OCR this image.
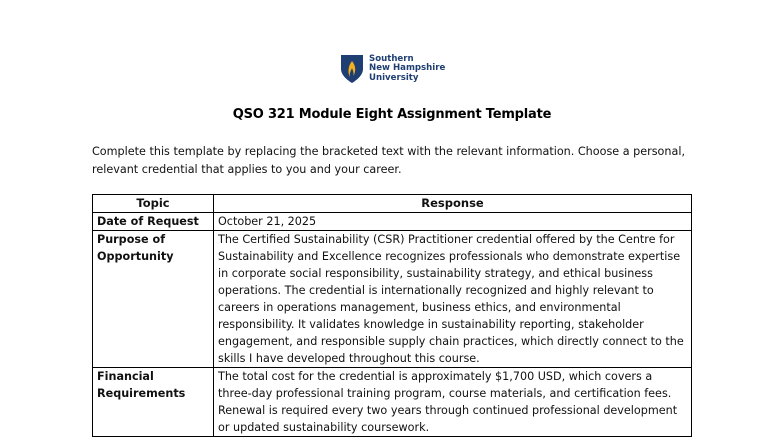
Southern
New Hampshire
University
QSO 321 Module Eight Assignment Template
Complete this template by replacing the bracketed text with the relevant information. Choose a personal, relevant credential that applies to you and your career.
Topic	Response
Date of Request	October 21, 2025
Purpose of Opportunity	The Certified Sustainability (CSR) Practitioner credential offered by the Centre for Sustainability and Excellence recognizes professionals who demonstrate expertise in corporate social responsibility, sustainability strategy, and ethical business operations. The credential is internationally recognized and highly relevant to careers in operations management, business ethics, and environmental responsibility. It validates knowledge in sustainability reporting, stakeholder engagement, and responsible supply chain practices, which directly connect to the skills I have developed throughout this course.
Financial Requirements	The total cost for the credential is approximately $1,700 USD, which covers a three-day professional training program, course materials, and certification fees. Renewal is required every two years through continued professional development or updated sustainability coursework.
